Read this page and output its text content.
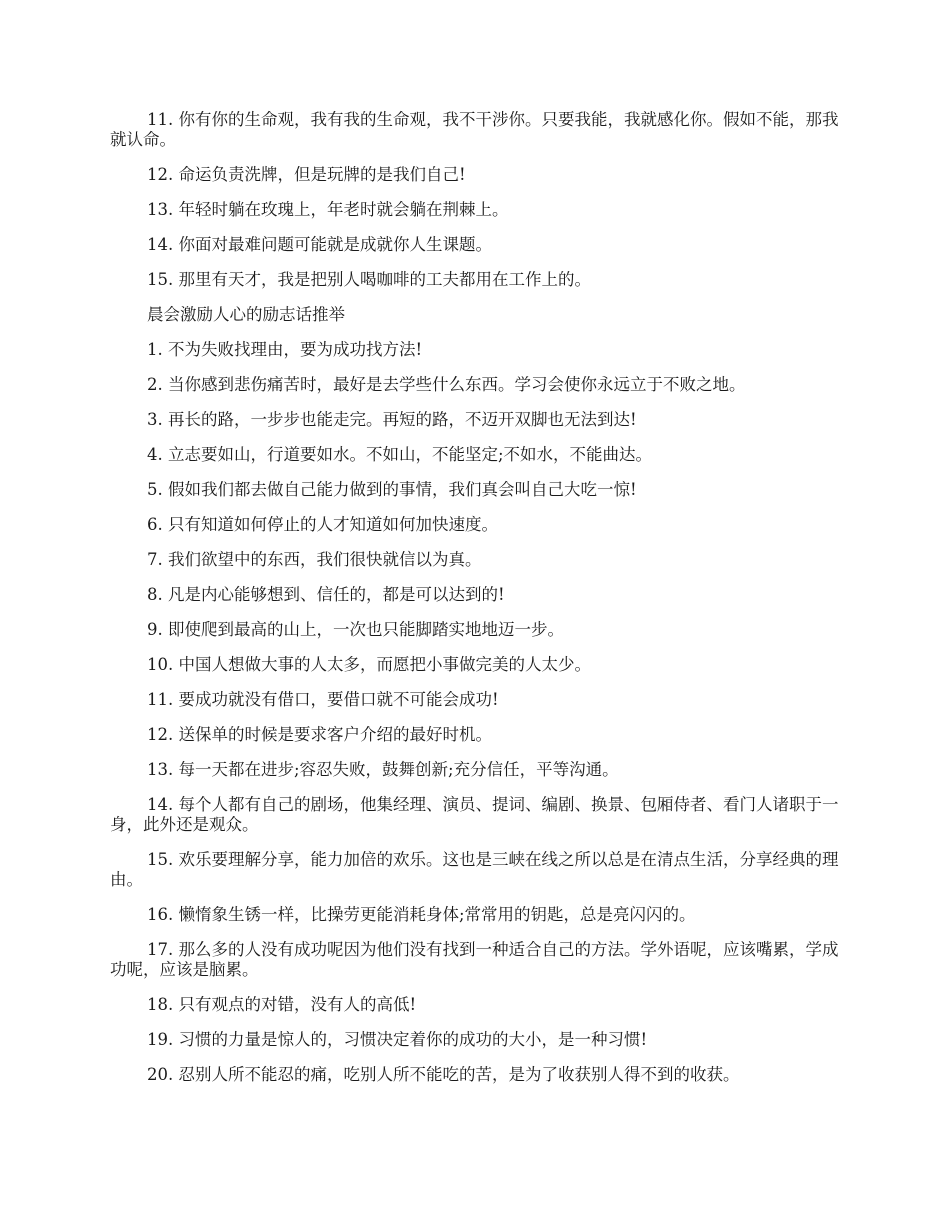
11. 你有你的生命观，我有我的生命观，我不干涉你。只要我能，我就感化你。假如不能，那我就认命。

12. 命运负责洗牌，但是玩牌的是我们自己!

13. 年轻时躺在玫瑰上，年老时就会躺在荆棘上。

14. 你面对最难问题可能就是成就你人生课题。

15. 那里有天才，我是把别人喝咖啡的工夫都用在工作上的。

晨会激励人心的励志话推举

1. 不为失败找理由，要为成功找方法!

2. 当你感到悲伤痛苦时，最好是去学些什么东西。学习会使你永远立于不败之地。

3. 再长的路，一步步也能走完。再短的路，不迈开双脚也无法到达!

4. 立志要如山，行道要如水。不如山，不能坚定;不如水，不能曲达。

5. 假如我们都去做自己能力做到的事情，我们真会叫自己大吃一惊!

6. 只有知道如何停止的人才知道如何加快速度。

7. 我们欲望中的东西，我们很快就信以为真。

8. 凡是内心能够想到、信任的，都是可以达到的!

9. 即使爬到最高的山上，一次也只能脚踏实地地迈一步。

10. 中国人想做大事的人太多，而愿把小事做完美的人太少。

11. 要成功就没有借口，要借口就不可能会成功!

12. 送保单的时候是要求客户介绍的最好时机。

13. 每一天都在进步;容忍失败，鼓舞创新;充分信任，平等沟通。

14. 每个人都有自己的剧场，他集经理、演员、提词、编剧、换景、包厢侍者、看门人诸职于一身，此外还是观众。

15. 欢乐要理解分享，能力加倍的欢乐。这也是三峡在线之所以总是在清点生活，分享经典的理由。

16. 懒惰象生锈一样，比操劳更能消耗身体;常常用的钥匙，总是亮闪闪的。

17. 那么多的人没有成功呢因为他们没有找到一种适合自己的方法。学外语呢，应该嘴累，学成功呢，应该是脑累。

18. 只有观点的对错，没有人的高低!

19. 习惯的力量是惊人的，习惯决定着你的成功的大小，是一种习惯!

20. 忍别人所不能忍的痛，吃别人所不能吃的苦，是为了收获别人得不到的收获。
